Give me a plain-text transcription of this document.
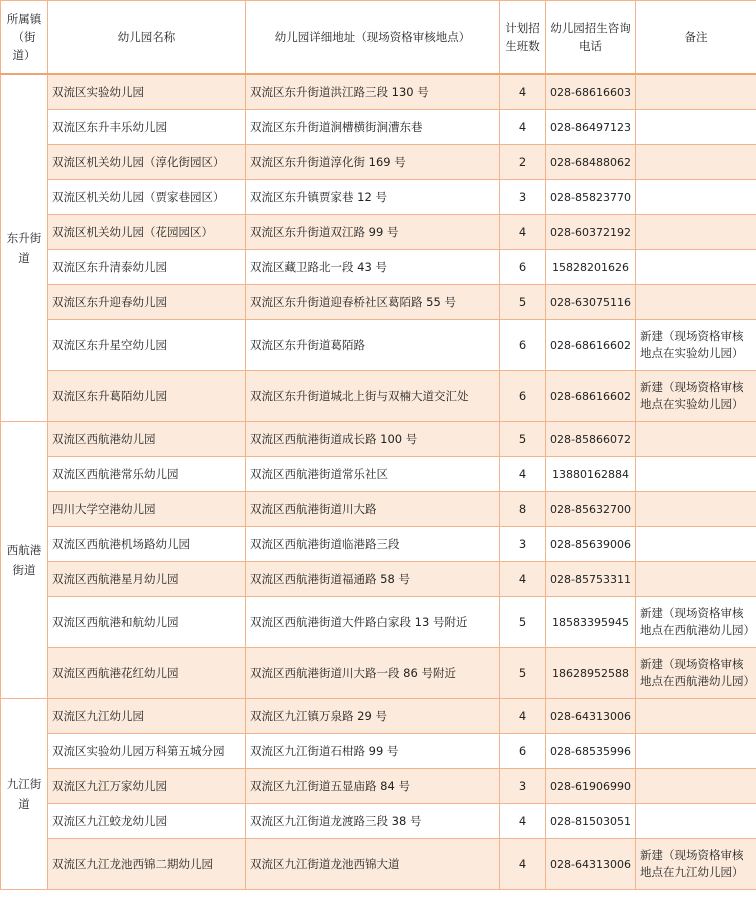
所属镇（街道）	幼儿园名称	幼儿园详细地址（现场资格审核地点）	计划招生班数	幼儿园招生咨询电话	备注
东升街道	双流区实验幼儿园	双流区东升街道洪江路三段 130 号	4	028-68616603	
	双流区东升丰乐幼儿园	双流区东升街道涧槽横街涧漕东巷	4	028-86497123	
	双流区机关幼儿园（淳化街园区）	双流区东升街道淳化街 169 号	2	028-68488062	
	双流区机关幼儿园（贾家巷园区）	双流区东升镇贾家巷 12 号	3	028-85823770	
	双流区机关幼儿园（花园园区）	双流区东升街道双江路 99 号	4	028-60372192	
	双流区东升清泰幼儿园	双流区藏卫路北一段 43 号	6	15828201626	
	双流区东升迎春幼儿园	双流区东升街道迎春桥社区葛陌路 55 号	5	028-63075116	
	双流区东升星空幼儿园	双流区东升街道葛陌路	6	028-68616602	新建（现场资格审核地点在实验幼儿园）
	双流区东升葛陌幼儿园	双流区东升街道城北上街与双楠大道交汇处	6	028-68616602	新建（现场资格审核地点在实验幼儿园）
西航港街道	双流区西航港幼儿园	双流区西航港街道成长路 100 号	5	028-85866072	
	双流区西航港常乐幼儿园	双流区西航港街道常乐社区	4	13880162884	
	四川大学空港幼儿园	双流区西航港街道川大路	8	028-85632700	
	双流区西航港机场路幼儿园	双流区西航港街道临港路三段	3	028-85639006	
	双流区西航港星月幼儿园	双流区西航港街道福通路 58 号	4	028-85753311	
	双流区西航港和航幼儿园	双流区西航港街道大件路白家段 13 号附近	5	18583395945	新建（现场资格审核地点在西航港幼儿园）
	双流区西航港花红幼儿园	双流区西航港街道川大路一段 86 号附近	5	18628952588	新建（现场资格审核地点在西航港幼儿园）
九江街道	双流区九江幼儿园	双流区九江镇万泉路 29 号	4	028-64313006	
	双流区实验幼儿园万科第五城分园	双流区九江街道石柑路 99 号	6	028-68535996	
	双流区九江万家幼儿园	双流区九江街道五显庙路 84 号	3	028-61906990	
	双流区九江蛟龙幼儿园	双流区九江街道龙渡路三段 38 号	4	028-81503051	
	双流区九江龙池西锦二期幼儿园	双流区九江街道龙池西锦大道	4	028-64313006	新建（现场资格审核地点在九江幼儿园）
